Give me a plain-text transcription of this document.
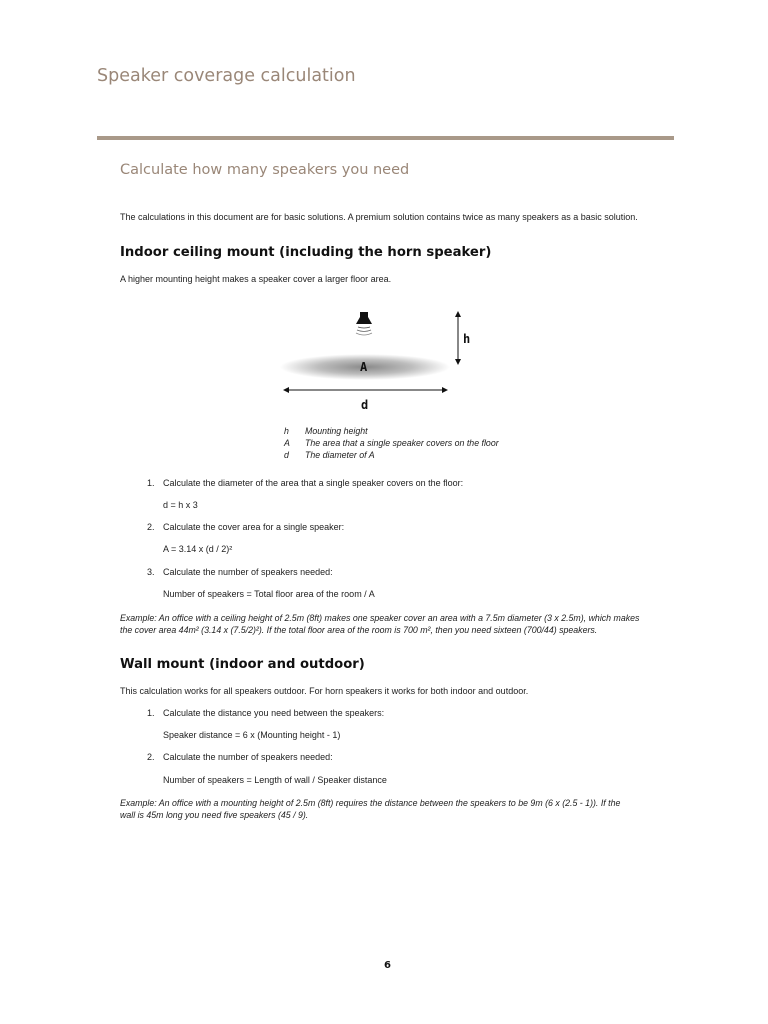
Speaker coverage calculation
Calculate how many speakers you need

The calculations in this document are for basic solutions. A premium solution contains twice as many speakers as a basic solution.

Indoor ceiling mount (including the horn speaker)

A higher mounting height makes a speaker cover a larger floor area.

A
h
d

h Mounting height

A The area that a single speaker covers on the floor

d The diameter of A

1. Calculate the diameter of the area that a single speaker covers on the floor:

d = h x 3

2. Calculate the cover area for a single speaker:

A = 3.14 x (d / 2)²

3. Calculate the number of speakers needed:

Number of speakers = Total floor area of the room / A

Example: An office with a ceiling height of 2.5m (8ft) makes one speaker cover an area with a 7.5m diameter (3 x 2.5m), which makes

the cover area 44m² (3.14 x (7.5/2)²). If the total floor area of the room is 700 m², then you need sixteen (700/44) speakers.

Wall mount (indoor and outdoor)

This calculation works for all speakers outdoor. For horn speakers it works for both indoor and outdoor.

1. Calculate the distance you need between the speakers:

Speaker distance = 6 x (Mounting height - 1)

2. Calculate the number of speakers needed:

Number of speakers = Length of wall / Speaker distance

Example: An office with a mounting height of 2.5m (8ft) requires the distance between the speakers to be 9m (6 x (2.5 - 1)). If the

wall is 45m long you need five speakers (45 / 9).

6
